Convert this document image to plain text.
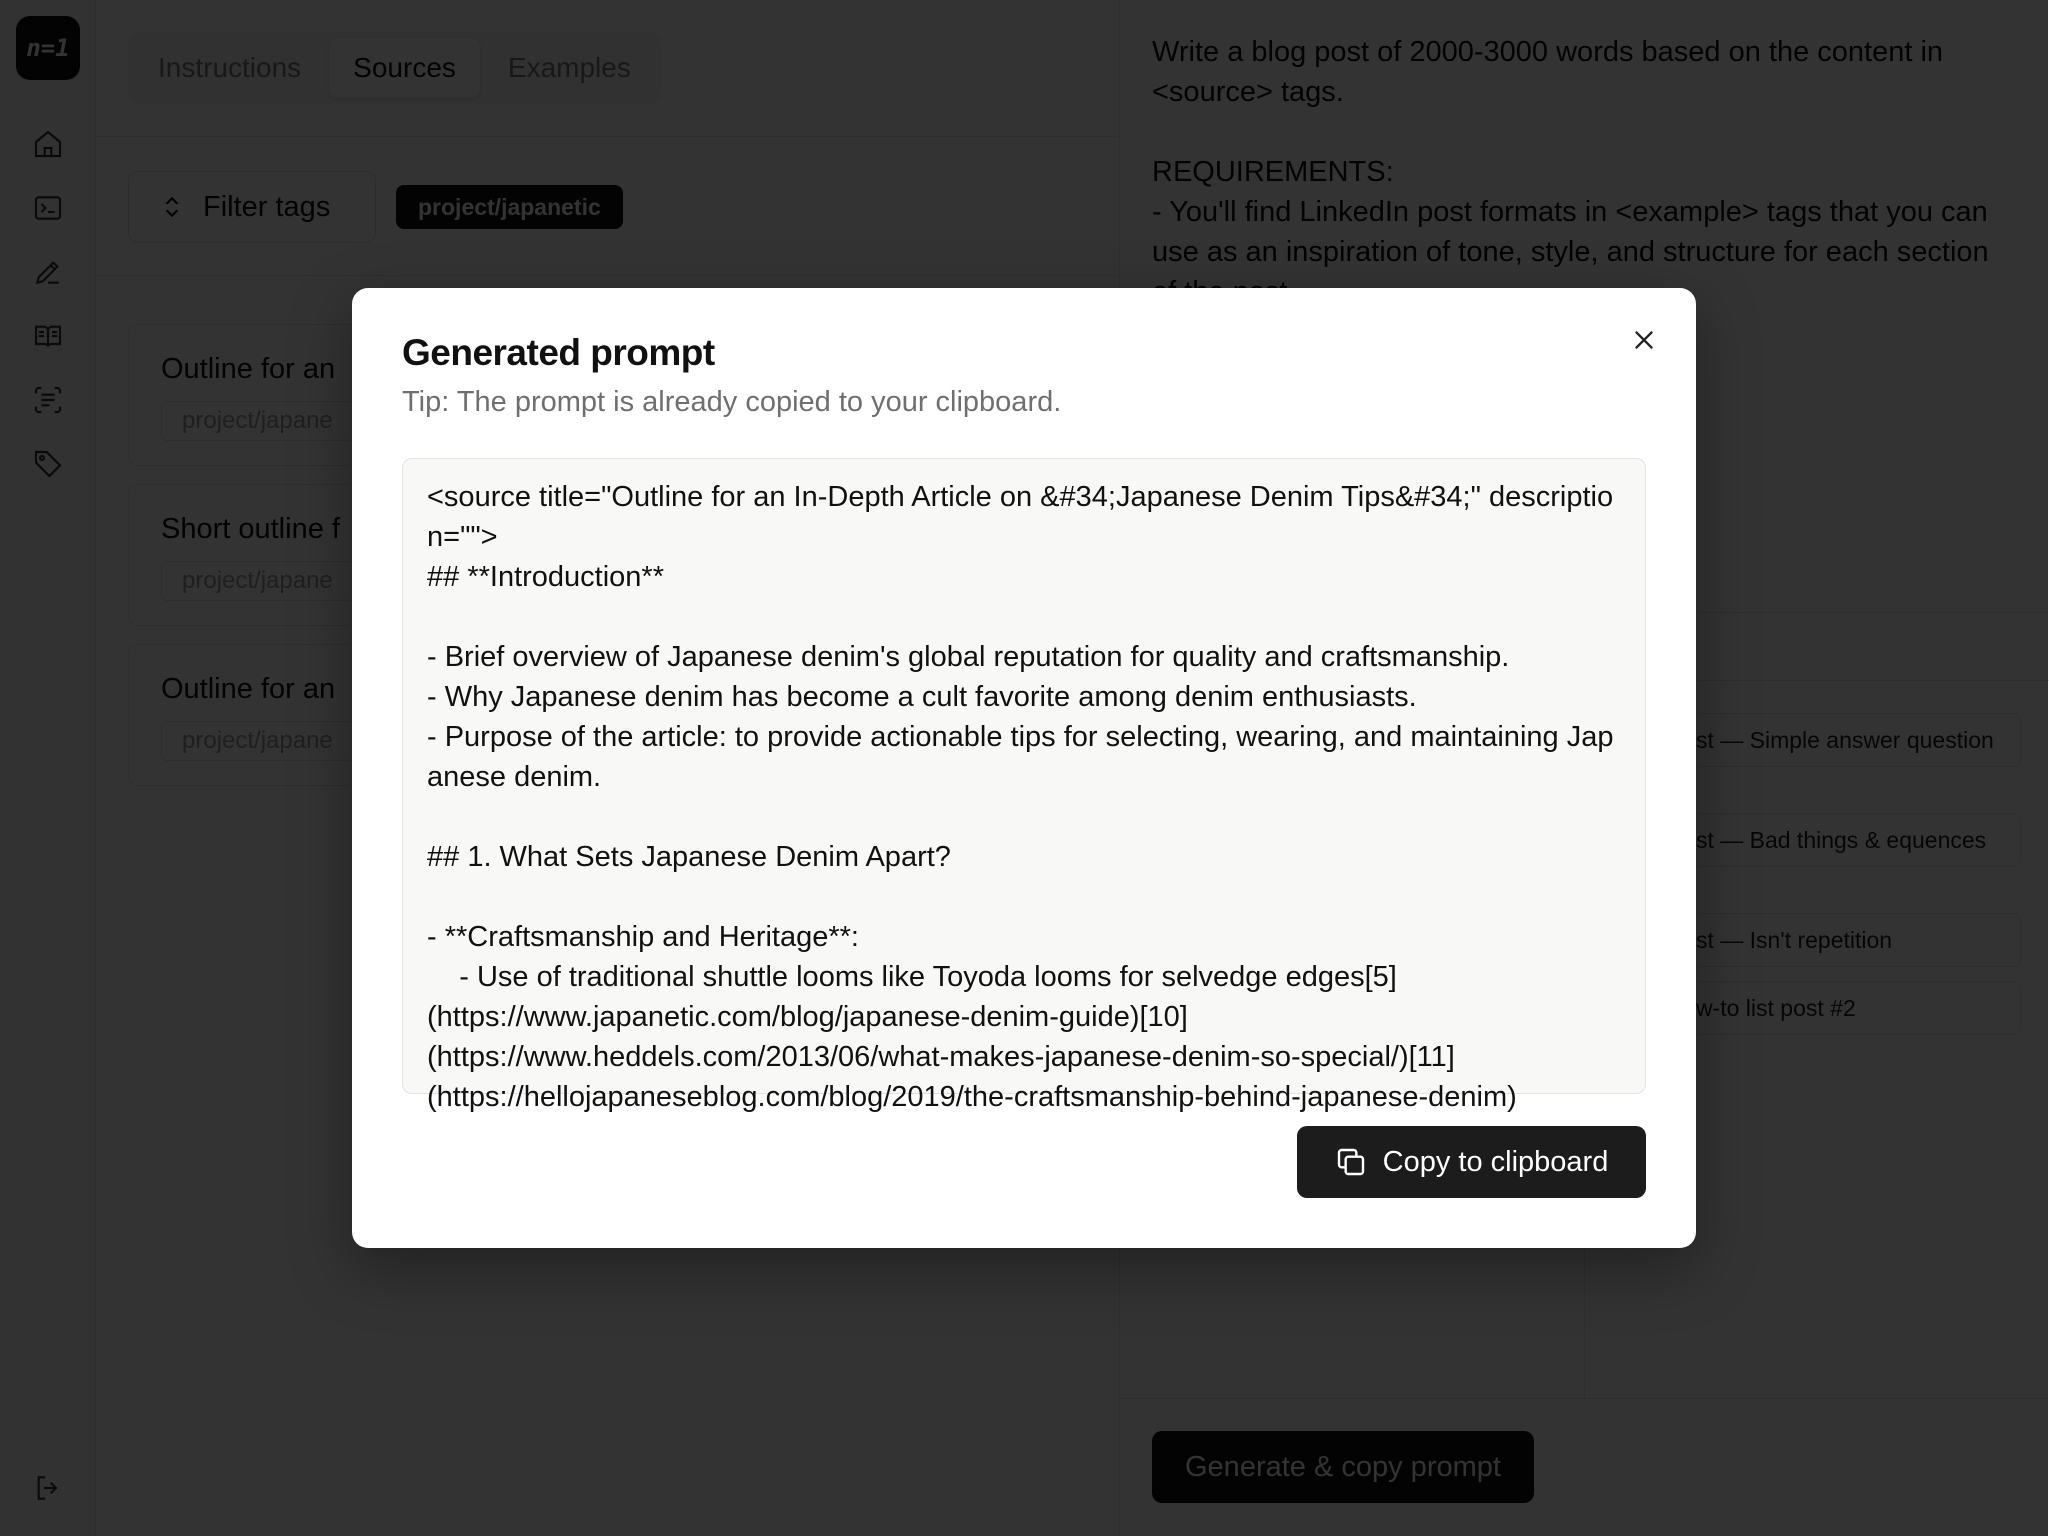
Generated prompt
Tip: The prompt is already copied to your clipboard.
<source title="Outline for an In-Depth Article on &#34;Japanese Denim Tips&#34;" description="">
## **Introduction**

- Brief overview of Japanese denim's global reputation for quality and craftsmanship.
- Why Japanese denim has become a cult favorite among denim enthusiasts.
- Purpose of the article: to provide actionable tips for selecting, wearing, and maintaining Japanese denim.

## 1. What Sets Japanese Denim Apart?

- **Craftsmanship and Heritage**:
- Use of traditional shuttle looms like Toyoda looms for selvedge edges[5]
(https://www.japanetic.com/blog/japanese-denim-guide)[10]
(https://www.heddels.com/2013/06/what-makes-japanese-denim-so-special/)[11]
(https://hellojapaneseblog.com/blog/2019/the-craftsmanship-behind-japanese-denim)
Copy to clipboard
